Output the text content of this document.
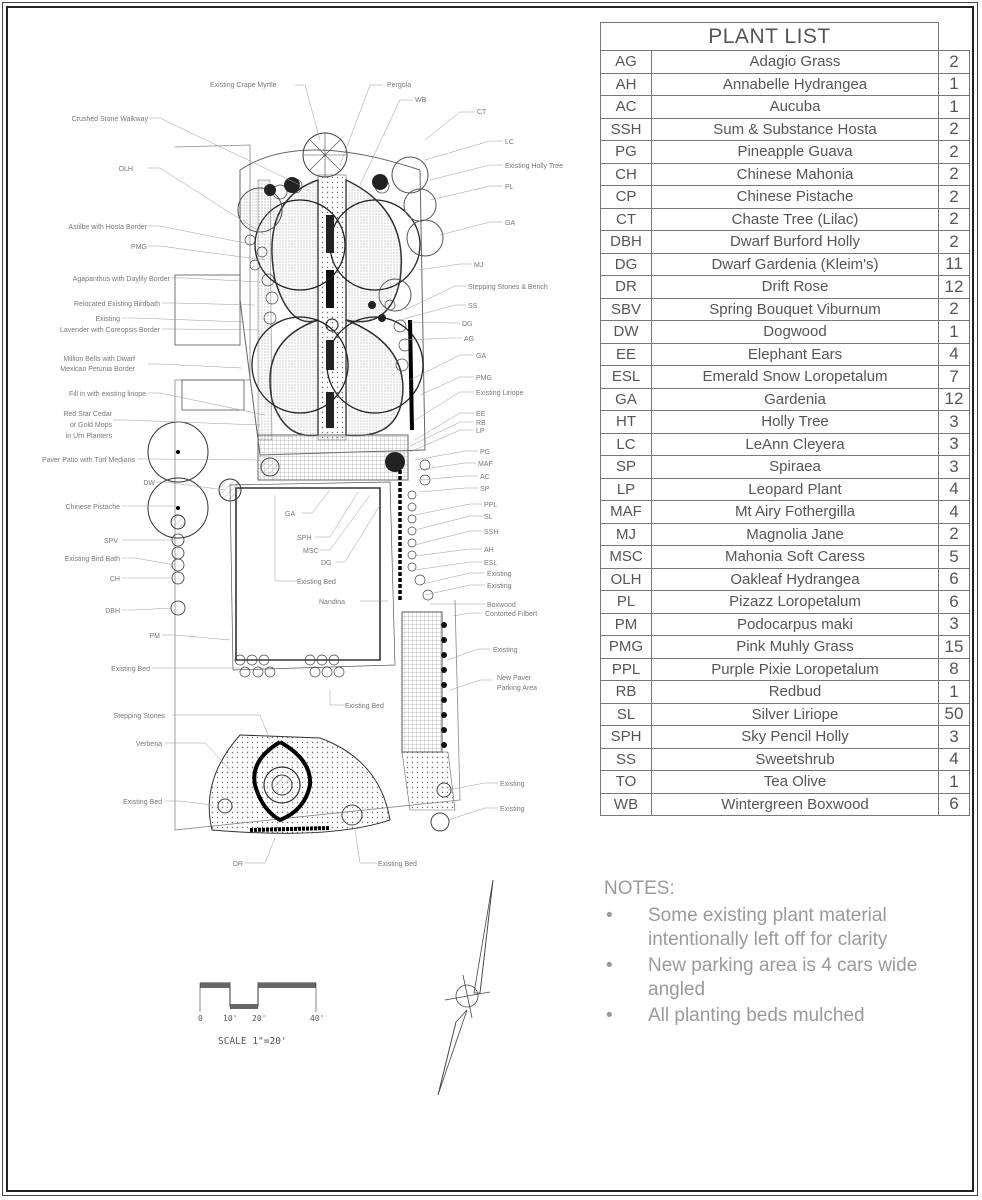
Crushed Stone Walkway
OLH
Astilbe with Hosta Border
PMG
Agapanthus with Daylily Border
Relocated Existing Birdbath
Existing
Lavender with Coreopsis Border
Million Bells with Dwarf
Mexican Petunia Border
Fill in with existing liriope
Red Star Cedar
or Gold Mops
in Urn Planters
Paver Patio with Turf Medians
DW
Chinese Pistache
SPV
Existing Bird Bath
CH
DBH
PM
Existing Bed
Stepping Stones
Verbena
Existing Bed
DR
Existing Crape Myrtle	Pergola
WB
CT
LC
Existing Holly Tree
PL
GA
MJ
Stepping Stones & Bench
SS
DG
AG
GA
PMG
Existing Liriope
EE
RB
LP
PG
MAF
AC
SP
PPL
SL
SSH
AH
ESL
Existing
Existing
Boxwood
Contorted Filbert
Existing
New Paver
Parking Area
Existing
Existing
GA
SPH
MSC
DG
Existing Bed
Nandina
Existing Bed
Existing Bed
0	10' 20'	40'
SCALE 1"=20'
PLANT LIST		
AG	Adagio Grass	2
AH	Annabelle Hydrangea	1
AC	Aucuba	1
SSH	Sum & Substance Hosta	2
PG	Pineapple Guava	2
CH	Chinese Mahonia	2
CP	Chinese Pistache	2
CT	Chaste Tree (Lilac)	2
DBH	Dwarf Burford Holly	2
DG	Dwarf Gardenia (Kleim's)	11
DR	Drift Rose	12
SBV	Spring Bouquet Viburnum	2
DW	Dogwood	1
EE	Elephant Ears	4
ESL	Emerald Snow Loropetalum	7
GA	Gardenia	12
HT	Holly Tree	3
LC	LeAnn Cleyera	3
SP	Spiraea	3
LP	Leopard Plant	4
MAF	Mt Airy Fothergilla	4
MJ	Magnolia Jane	2
MSC	Mahonia Soft Caress	5
OLH	Oakleaf Hydrangea	6
PL	Pizazz Loropetalum	6
PM	Podocarpus maki	3
PMG	Pink Muhly Grass	15
PPL	Purple Pixie Loropetalum	8
RB	Redbud	1
SL	Silver Liriope	50
SPH	Sky Pencil Holly	3
SS	Sweetshrub	4
TO	Tea Olive	1
WB	Wintergreen Boxwood	6
NOTES:
• Some existing plant material intentionally left off for clarity
• New parking area is 4 cars wide angled
• All planting beds mulched
